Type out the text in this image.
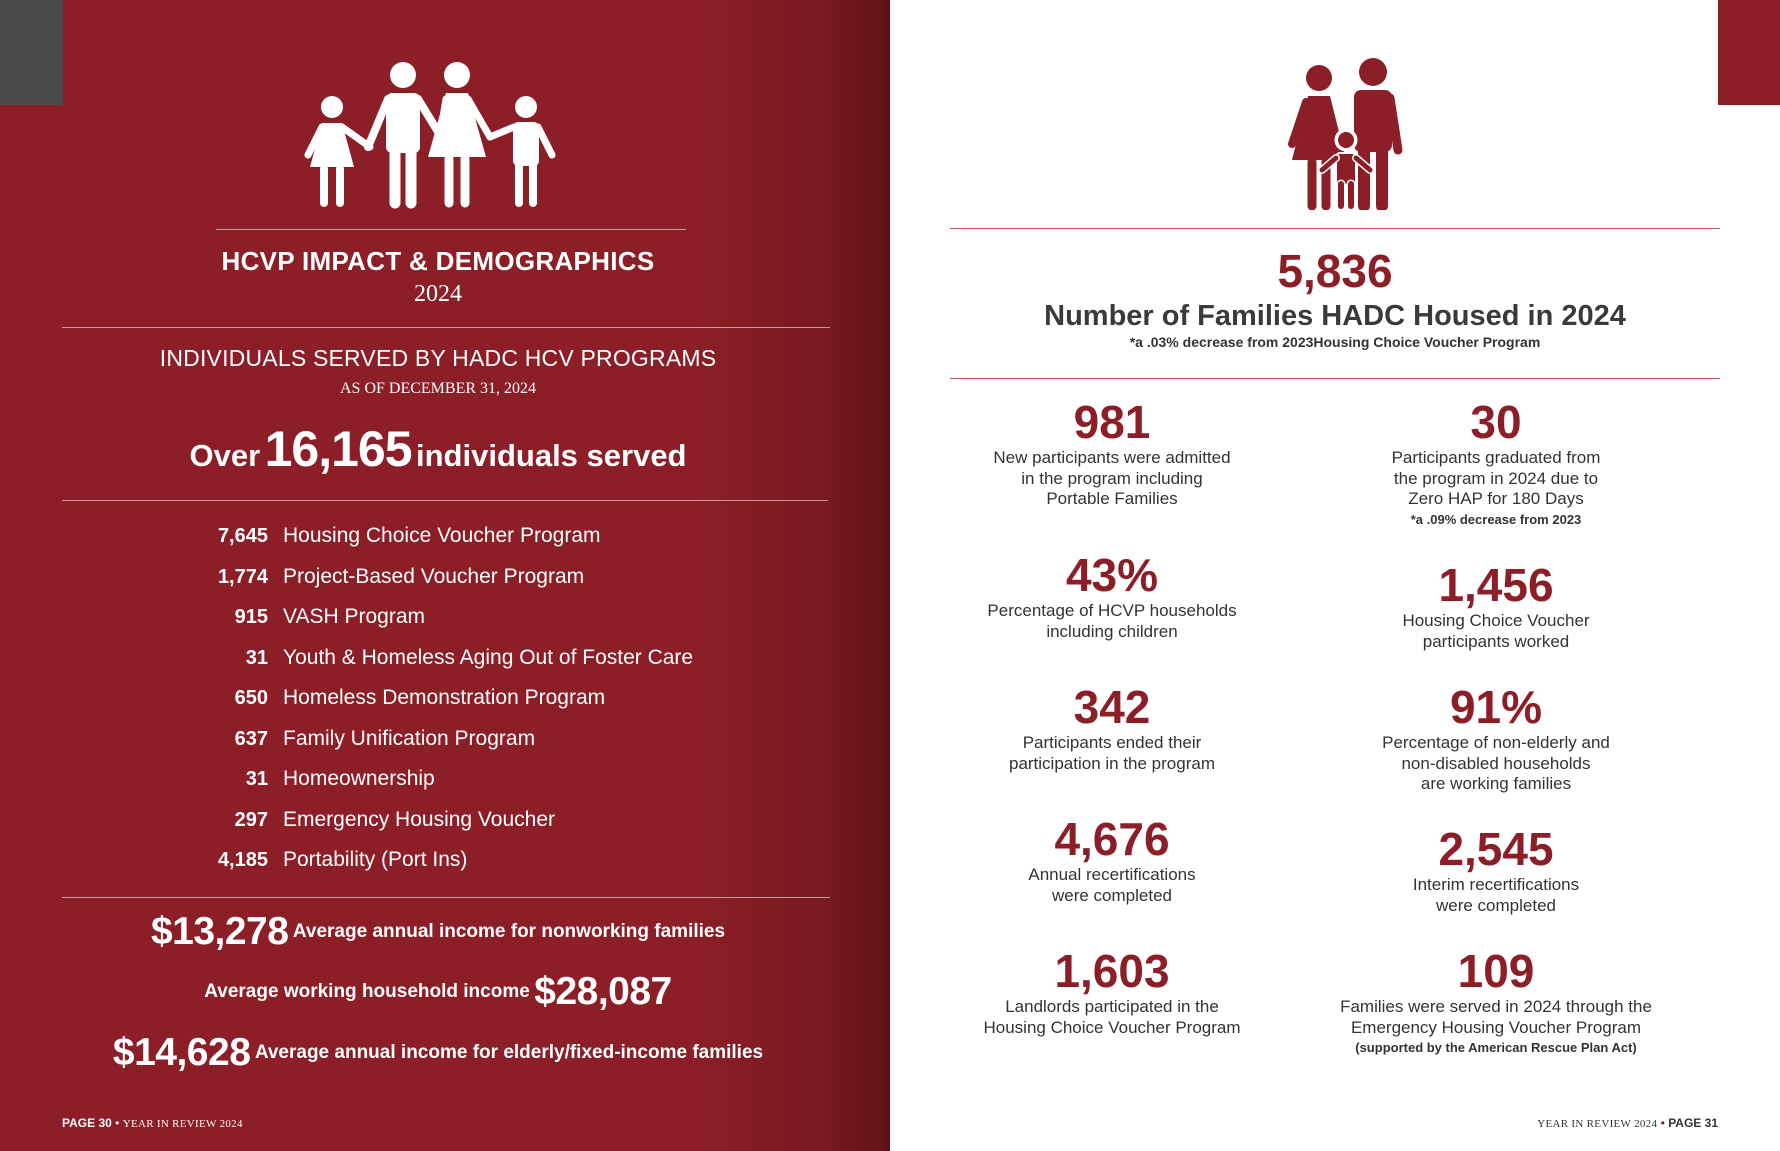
HCVP IMPACT & DEMOGRAPHICS
2024
INDIVIDUALS SERVED BY HADC HCV PROGRAMS
AS OF DECEMBER 31, 2024
Over 16,165 individuals served
7,645 Housing Choice Voucher Program
1,774 Project-Based Voucher Program
915 VASH Program
31 Youth & Homeless Aging Out of Foster Care
650 Homeless Demonstration Program
637 Family Unification Program
31 Homeownership
297 Emergency Housing Voucher
4,185 Portability (Port Ins)
$13,278 Average annual income for nonworking families
Average working household income $28,087
$14,628 Average annual income for elderly/fixed-income families
PAGE 30 • YEAR IN REVIEW 2024
5,836
Number of Families HADC Housed in 2024
*a .03% decrease from 2023Housing Choice Voucher Program
981
New participants were admitted
in the program including
Portable Families
30
Participants graduated from
the program in 2024 due to
Zero HAP for 180 Days
*a .09% decrease from 2023
43%
Percentage of HCVP households
including children
1,456
Housing Choice Voucher
participants worked
342
Participants ended their
participation in the program
91%
Percentage of non-elderly and
non-disabled households
are working families
4,676
Annual recertifications
were completed
2,545
Interim recertifications
were completed
1,603
Landlords participated in the
Housing Choice Voucher Program
109
Families were served in 2024 through the
Emergency Housing Voucher Program
(supported by the American Rescue Plan Act)
YEAR IN REVIEW 2024 • PAGE 31
